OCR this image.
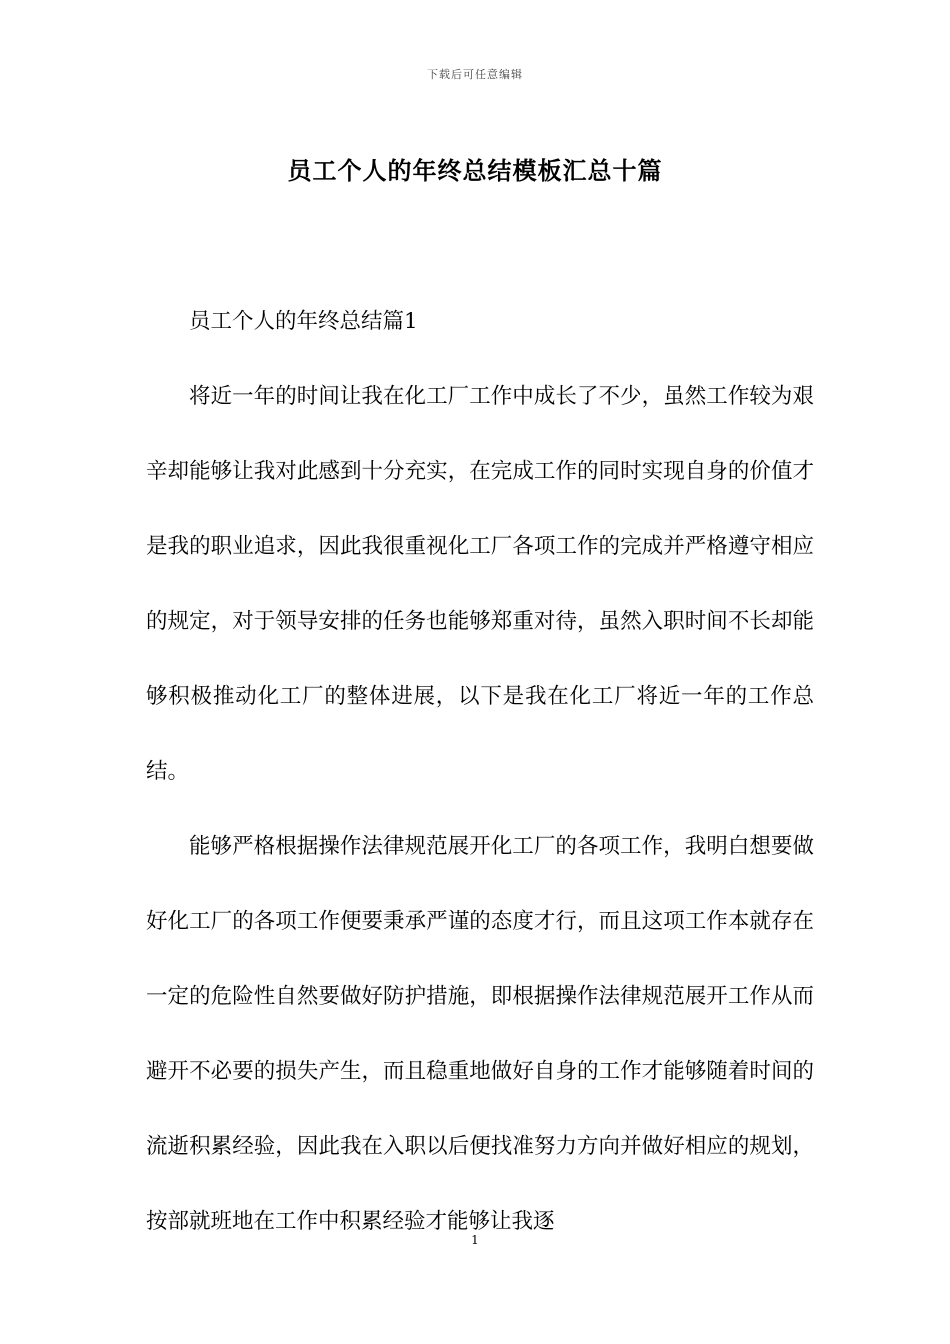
下载后可任意编辑
员工个人的年终总结模板汇总十篇

员工个人的年终总结篇1

将近一年的时间让我在化工厂工作中成长了不少，虽然工作较为艰辛却能够让我对此感到十分充实，在完成工作的同时实现自身的价值才是我的职业追求，因此我很重视化工厂各项工作的完成并严格遵守相应的规定，对于领导安排的任务也能够郑重对待，虽然入职时间不长却能够积极推动化工厂的整体进展，以下是我在化工厂将近一年的工作总结。

能够严格根据操作法律规范展开化工厂的各项工作，我明白想要做好化工厂的各项工作便要秉承严谨的态度才行，而且这项工作本就存在一定的危险性自然要做好防护措施，即根据操作法律规范展开工作从而避开不必要的损失产生，而且稳重地做好自身的工作才能够随着时间的流逝积累经验，因此我在入职以后便找准努力方向并做好相应的规划，按部就班地在工作中积累经验才能够让我逐

1
